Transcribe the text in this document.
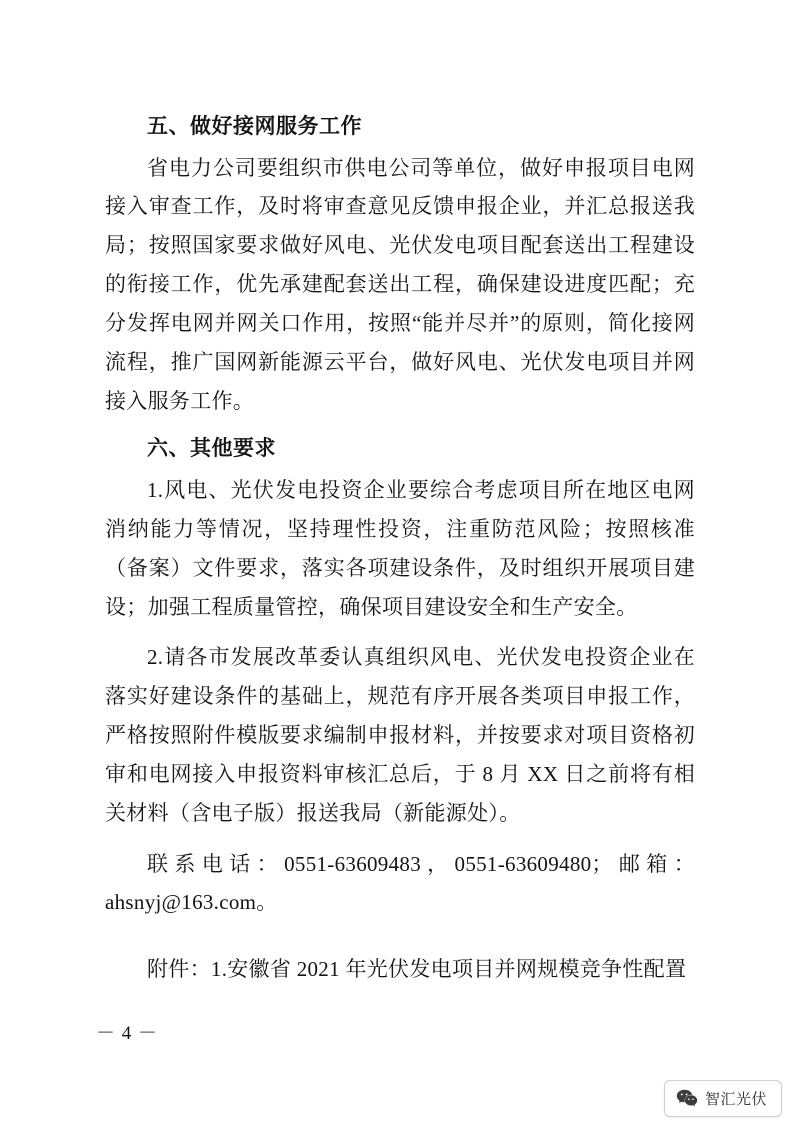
五、做好接网服务工作

省电力公司要组织市供电公司等单位，做好申报项目电网接入审查工作，及时将审查意见反馈申报企业，并汇总报送我局；按照国家要求做好风电、光伏发电项目配套送出工程建设的衔接工作，优先承建配套送出工程，确保建设进度匹配；充分发挥电网并网关口作用，按照“能并尽并”的原则，简化接网流程，推广国网新能源云平台，做好风电、光伏发电项目并网接入服务工作。

六、其他要求

1.风电、光伏发电投资企业要综合考虑项目所在地区电网消纳能力等情况，坚持理性投资，注重防范风险；按照核准（备案）文件要求，落实各项建设条件，及时组织开展项目建设；加强工程质量管控，确保项目建设安全和生产安全。

2.请各市发展改革委认真组织风电、光伏发电投资企业在落实好建设条件的基础上，规范有序开展各类项目申报工作，严格按照附件模版要求编制申报材料，并按要求对项目资格初审和电网接入申报资料审核汇总后，于 8 月 XX 日之前将有相关材料（含电子版）报送我局（新能源处）。

联系电话：0551-63609483，0551-63609480；邮箱：ahsnyj@163.com。

附件：1.安徽省 2021 年光伏发电项目并网规模竞争性配置

－ 4 －
智汇光伏
